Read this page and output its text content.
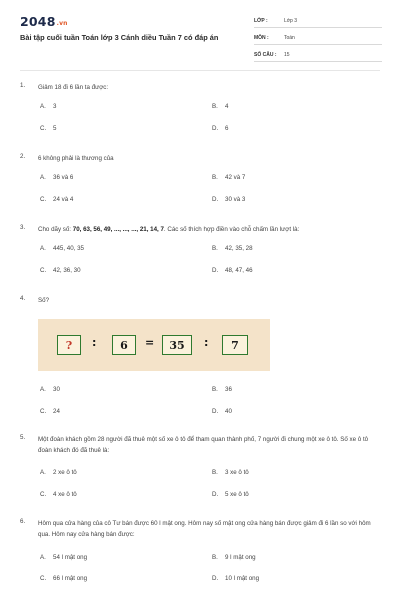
2048.vn
Bài tập cuối tuần Toán lớp 3 Cánh diều Tuần 7 có đáp án
LỚP :	Lớp 3
MÔN :	Toán
SỐ CÂU :	15
1. Giảm 18 đi 6 lần ta được:
A. 3	B. 4
C. 5	D. 6
2. 6 không phải là thương của
A. 36 và 6	B. 42 và 7
C. 24 và 4	D. 30 và 3
3. Cho dãy số: 70, 63, 56, 49, ..., ..., ..., 21, 14, 7. Các số thích hợp điền vào chỗ chấm lần lượt là:
A. 445, 40, 35	B. 42, 35, 28
C. 42, 36, 30	D. 48, 47, 46
4. Số?
A. 30	B. 36
C. 24	D. 40
?	:	6	=	35	:	7
5. Một đoàn khách gồm 28 người đã thuê một số xe ô tô để tham quan thành phố, 7 người đi chung một xe ô tô. Số xe ô tô đoàn khách đó đã thuê là:
A. 2 xe ô tô	B. 3 xe ô tô
C. 4 xe ô tô	D. 5 xe ô tô
6. Hôm qua cửa hàng của cô Tư bán được 60 l mật ong. Hôm nay số mật ong cửa hàng bán được giảm đi 6 lần so với hôm qua. Hôm nay cửa hàng bán được:
A. 54 l mật ong	B. 9 l mật ong
C. 66 l mật ong	D. 10 l mật ong
